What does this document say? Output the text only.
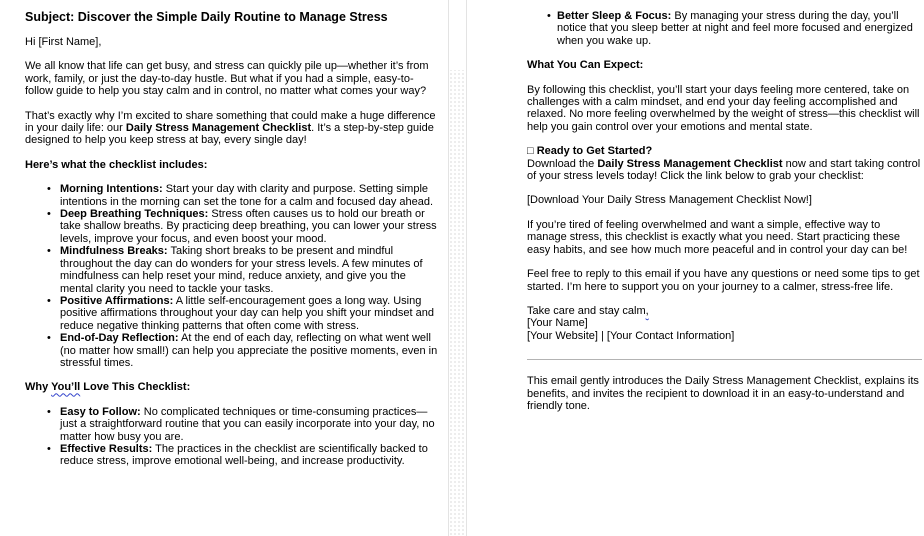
Subject: Discover the Simple Daily Routine to Manage Stress
Hi [First Name],
We all know that life can get busy, and stress can quickly pile up—whether it’s from work, family, or just the day-to-day hustle. But what if you had a simple, easy-to-follow guide to help you stay calm and in control, no matter what comes your way?
That’s exactly why I’m excited to share something that could make a huge difference in your daily life: our Daily Stress Management Checklist. It’s a step-by-step guide designed to help you keep stress at bay, every single day!
Here’s what the checklist includes:
• Morning Intentions: Start your day with clarity and purpose. Setting simple intentions in the morning can set the tone for a calm and focused day ahead.
• Deep Breathing Techniques: Stress often causes us to hold our breath or take shallow breaths. By practicing deep breathing, you can lower your stress levels, improve your focus, and even boost your mood.
• Mindfulness Breaks: Taking short breaks to be present and mindful throughout the day can do wonders for your stress levels. A few minutes of mindfulness can help reset your mind, reduce anxiety, and give you the mental clarity you need to tackle your tasks.
• Positive Affirmations: A little self-encouragement goes a long way. Using positive affirmations throughout your day can help you shift your mindset and reduce negative thinking patterns that often come with stress.
• End-of-Day Reflection: At the end of each day, reflecting on what went well (no matter how small!) can help you appreciate the positive moments, even in stressful times.
Why You’ll Love This Checklist:
• Easy to Follow: No complicated techniques or time-consuming practices—just a straightforward routine that you can easily incorporate into your day, no matter how busy you are.
• Effective Results: The practices in the checklist are scientifically backed to reduce stress, improve emotional well-being, and increase productivity.
• Better Sleep & Focus: By managing your stress during the day, you’ll notice that you sleep better at night and feel more focused and energized when you wake up.
What You Can Expect:
By following this checklist, you’ll start your days feeling more centered, take on challenges with a calm mindset, and end your day feeling accomplished and relaxed. No more feeling overwhelmed by the weight of stress—this checklist will help you gain control over your emotions and mental state.
□ Ready to Get Started?
Download the Daily Stress Management Checklist now and start taking control of your stress levels today! Click the link below to grab your checklist:
[Download Your Daily Stress Management Checklist Now!]
If you’re tired of feeling overwhelmed and want a simple, effective way to manage stress, this checklist is exactly what you need. Start practicing these easy habits, and see how much more peaceful and in control your day can be!
Feel free to reply to this email if you have any questions or need some tips to get started. I’m here to support you on your journey to a calmer, stress-free life.
Take care and stay calm,
[Your Name]
[Your Website] | [Your Contact Information]
This email gently introduces the Daily Stress Management Checklist, explains its benefits, and invites the recipient to download it in an easy-to-understand and friendly tone.
